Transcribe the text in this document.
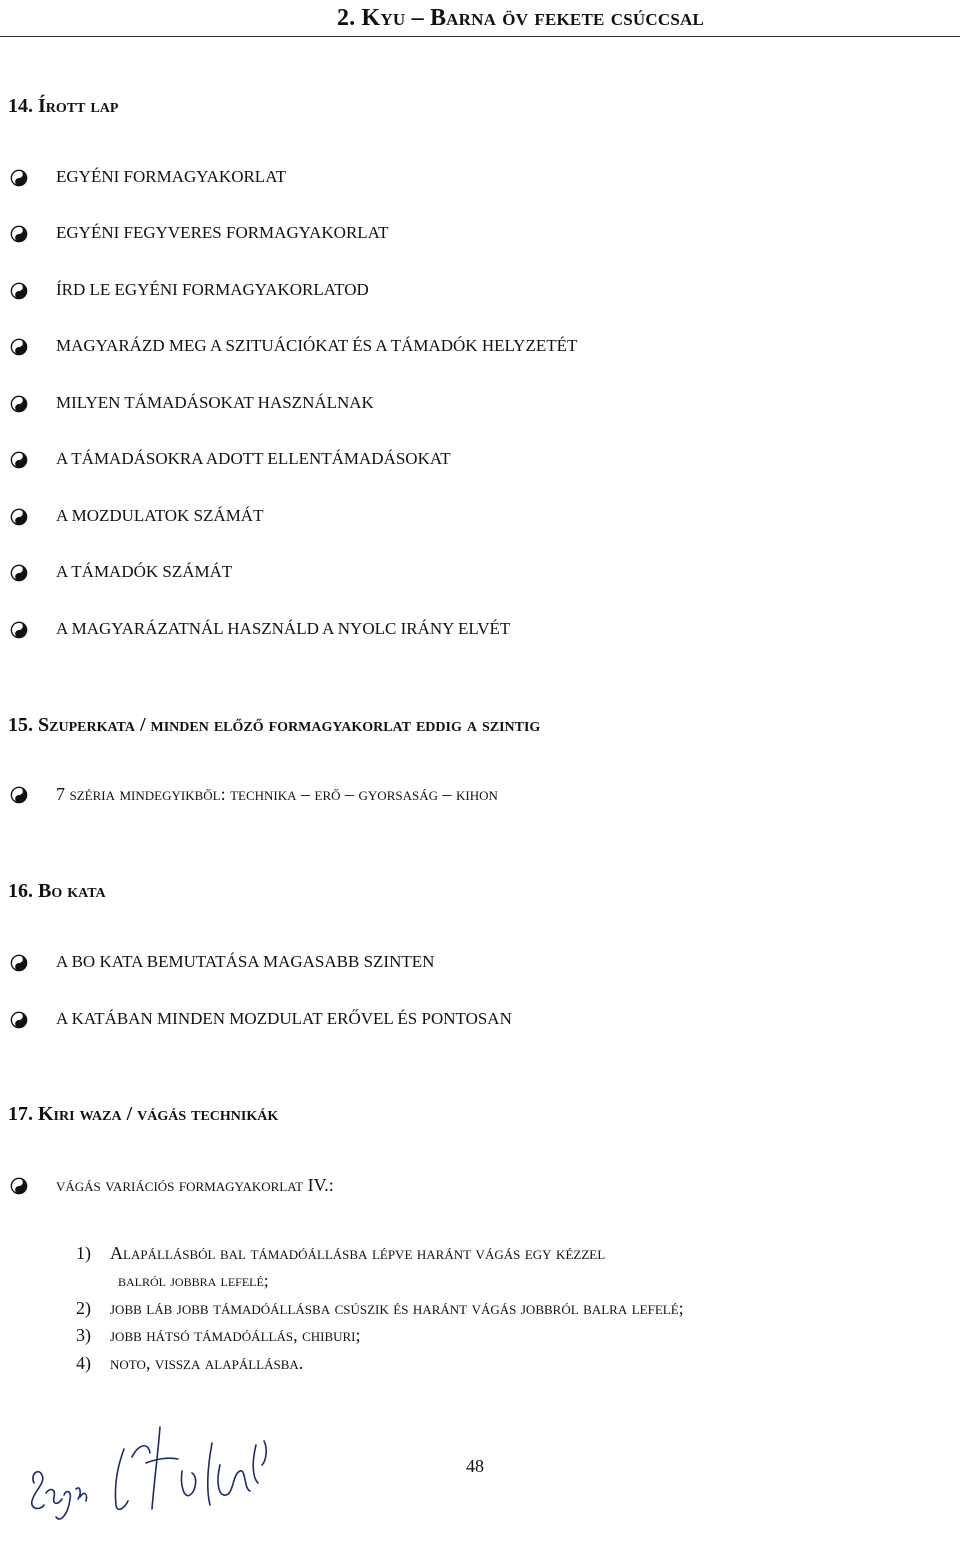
2. Kyu – Barna öv fekete csúccsal
14. Írott lap
EGYÉNI FORMAGYAKORLAT
EGYÉNI FEGYVERES FORMAGYAKORLAT
ÍRD LE EGYÉNI FORMAGYAKORLATOD
MAGYARÁZD MEG A SZITUÁCIÓKAT ÉS A TÁMADÓK HELYZETÉT
MILYEN TÁMADÁSOKAT HASZNÁLNAK
A TÁMADÁSOKRA ADOTT ELLENTÁMADÁSOKAT
A MOZDULATOK SZÁMÁT
A TÁMADÓK SZÁMÁT
A MAGYARÁZATNÁL HASZNÁLD A NYOLC IRÁNY ELVÉT
15. Szuperkata / minden előző formagyakorlat eddig a szintig
7 széria mindegyikből: technika – erő – gyorsaság – kihon
16. Bo kata
A BO KATA BEMUTATÁSA MAGASABB SZINTEN
A KATÁBAN MINDEN MOZDULAT ERŐVEL ÉS PONTOSAN
17. Kiri waza / vágás technikák
vágás variációs formagyakorlat IV.:
1) Alapállásból bal támadóállásba lépve haránt vágás egy kézzel
balról jobbra lefelé;
2) jobb láb jobb támadóállásba csúszik és haránt vágás jobbról balra lefelé;
3) jobb hátsó támadóállás, chiburi;
4) noto, vissza alapállásba.
48
